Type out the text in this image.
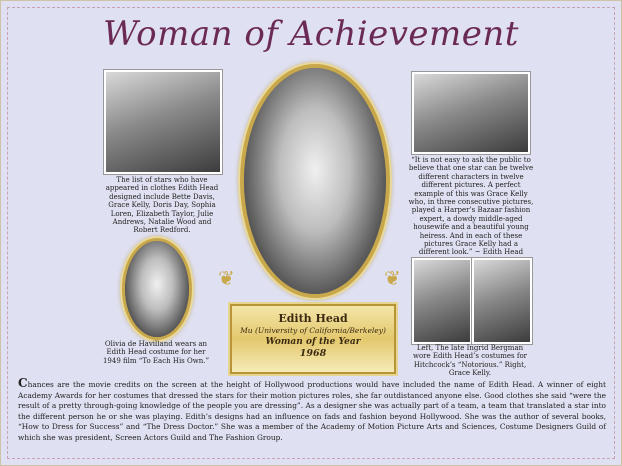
Woman of Achievement
The list of stars who have appeared in clothes Edith Head designed include Bette Davis, Grace Kelly, Doris Day, Sophia Loren, Elizabeth Taylor, Julie Andrews, Natalie Wood and Robert Redford.
❦	❦
“It is not easy to ask the public to believe that one star can be twelve different characters in twelve different pictures. A perfect example of this was Grace Kelly who, in three consecutive pictures, played a Harper’s Bazaar fashion expert, a dowdy middle-aged housewife and a beautiful young heiress. And in each of these pictures Grace Kelly had a different look.” ~ Edith Head
Olivia de Havilland wears an Edith Head costume for her 1949 film “To Each His Own.”
Edith Head
Mu (University of California/Berkeley)
Woman of the Year
1968	Left, The late Ingrid Bergman wore Edith Head’s costumes for Hitchcock’s “Notorious.” Right, Grace Kelly.
Chances are the movie credits on the screen at the height of Hollywood productions would have included the name of Edith Head. A winner of eight Academy Awards for her costumes that dressed the stars for their motion pictures roles, she far outdistanced anyone else. Good clothes she said “were the result of a pretty through-going knowledge of the people you are dressing”. As a designer she was actually part of a team, a team that translated a star into the different person he or she was playing. Edith’s designs had an influence on fads and fashion beyond Hollywood. She was the author of several books, “How to Dress for Success” and “The Dress Doctor.” She was a member of the Academy of Motion Picture Arts and Sciences, Costume Designers Guild of which she was president, Screen Actors Guild and The Fashion Group.
